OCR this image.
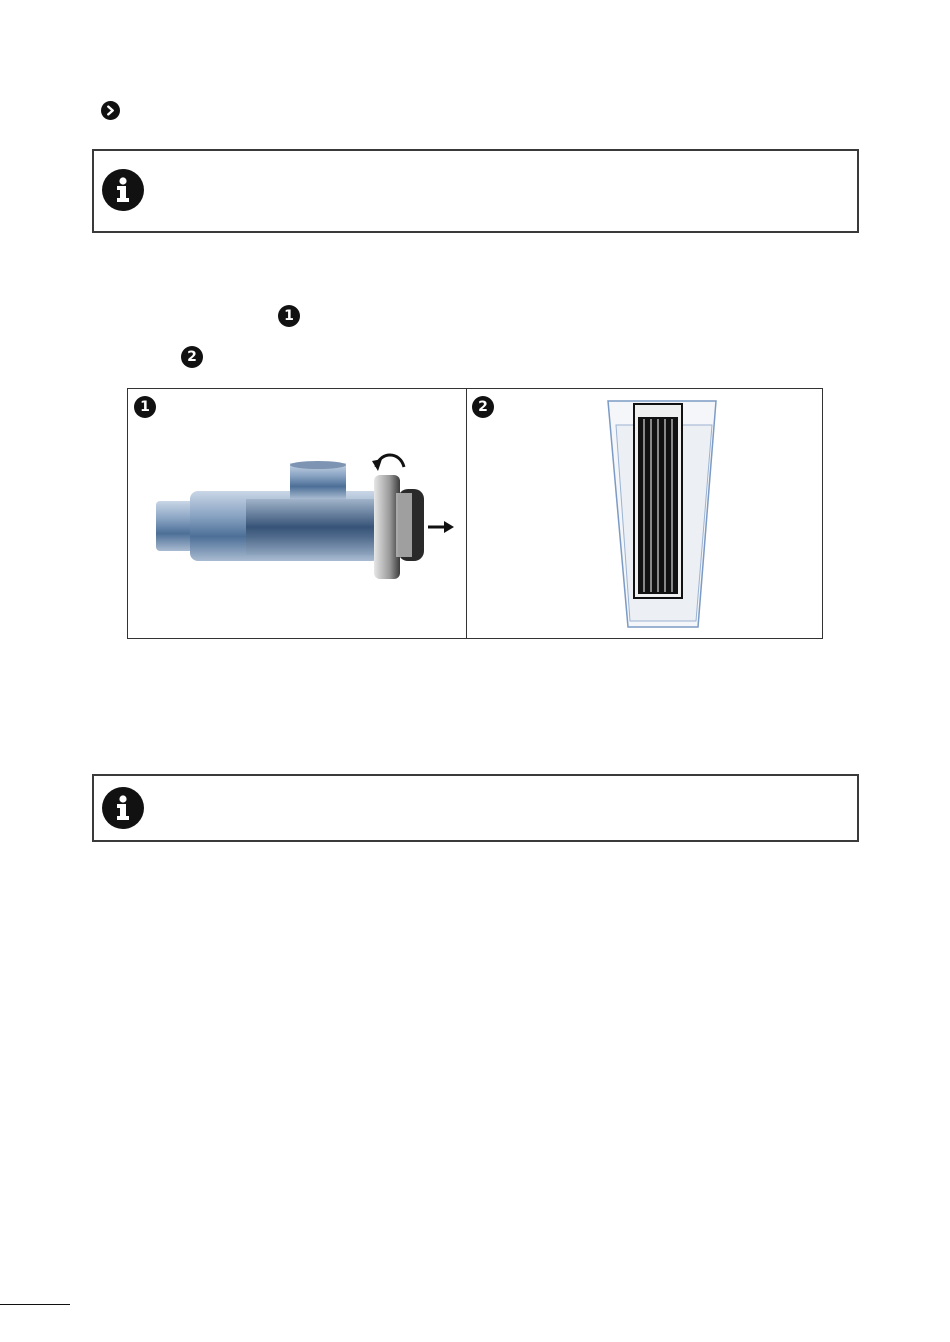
1
2
1	2
